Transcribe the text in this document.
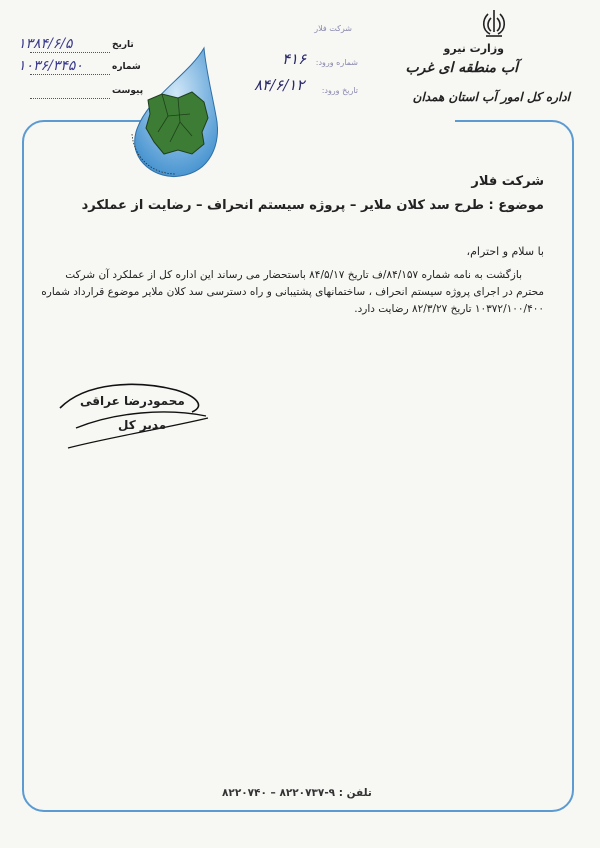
وزارت نیرو
آب منطقه ای غرب
اداره کل امور آب استان همدان
شرکت فلار
شماره ورود:
۴۱۶
تاریخ ورود:
۸۴/۶/۱۲
تاریخ
۱۳۸۴/۶/۵
شماره
۱۰۳۶/۳۴۵۰
پیوست
شرکت فلار
موضوع : طرح سد کلان ملایر – پروژه سیستم انحراف – رضایت از عملکرد
با سلام و احترام،
بازگشت به نامه شماره ۸۴/۱۵۷/ف تاریخ ۸۴/۵/۱۷ باستحضار می رساند این اداره کل از عملکرد آن شرکت
محترم در اجرای پروژه سیستم انحراف ، ساختمانهای پشتیبانی و راه دسترسی سد کلان ملایر موضوع قرارداد شماره
۱۰۳۷۲/۱۰۰/۴۰۰ تاریخ ۸۲/۳/۲۷ رضایت دارد.
محمودرضا عراقی
مدیر کل
تلفن : ۹-۸۲۲۰۷۳۷ – ۸۲۲۰۷۴۰
